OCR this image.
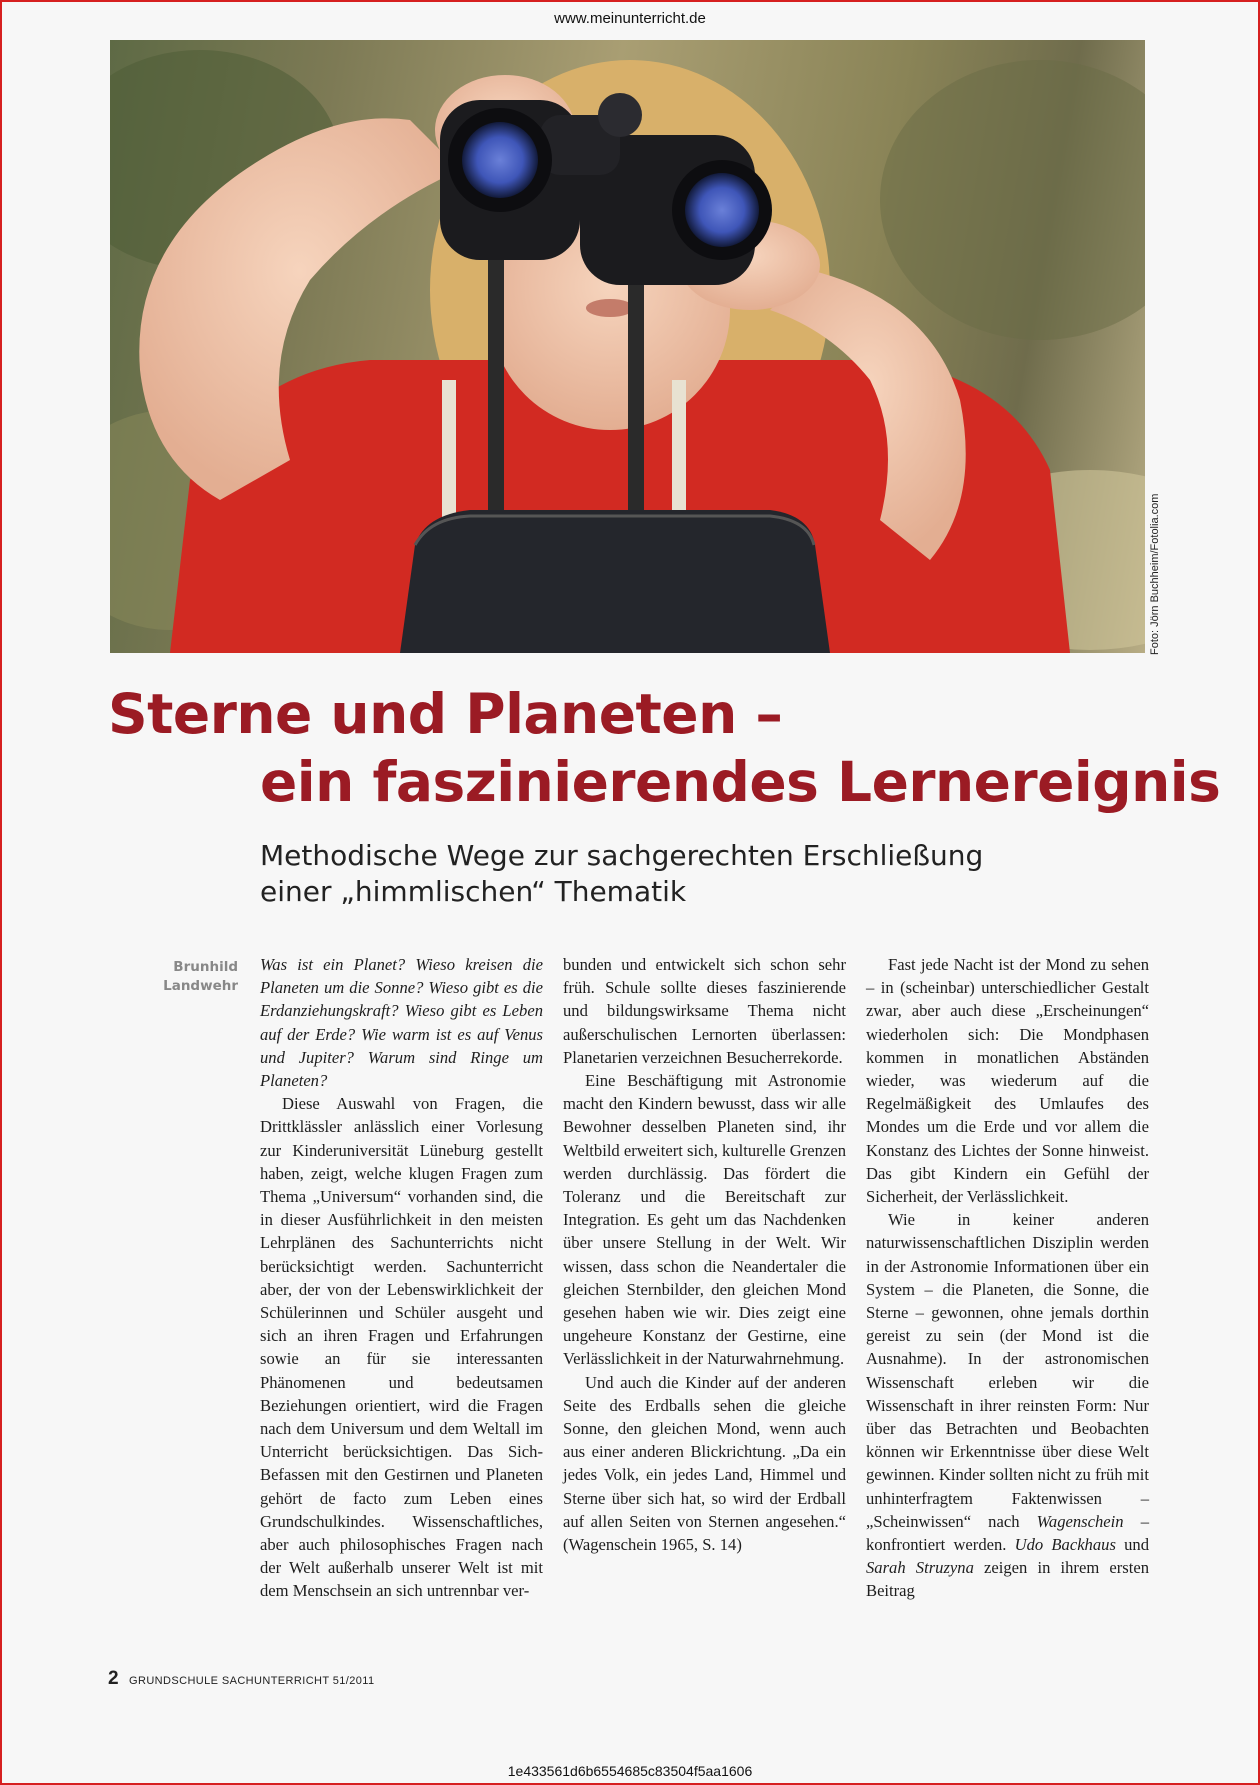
www.meinunterricht.de
Foto: Jörn Buchheim/Fotolia.com
Sterne und Planeten –
ein faszinierendes Lernereignis
Methodische Wege zur sachgerechten Erschließung
einer „himmlischen“ Thematik
Brunhild
Landwehr

Was ist ein Planet? Wieso kreisen die Planeten um die Sonne? Wieso gibt es die Erdanziehungskraft? Wieso gibt es Leben auf der Erde? Wie warm ist es auf Venus und Jupiter? Warum sind Ringe um Planeten?

Diese Auswahl von Fragen, die Drittklässler anlässlich einer Vorlesung zur Kinderuniversität Lüneburg gestellt haben, zeigt, welche klugen Fragen zum Thema „Universum“ vorhanden sind, die in dieser Ausführlichkeit in den meisten Lehrplänen des Sachunterrichts nicht berücksichtigt werden. Sachunterricht aber, der von der Lebenswirklichkeit der Schülerinnen und Schüler ausgeht und sich an ihren Fragen und Erfahrungen sowie an für sie interessanten Phänomenen und bedeutsamen Beziehungen orientiert, wird die Fragen nach dem Universum und dem Weltall im Unterricht berücksichtigen. Das Sich-Befassen mit den Gestirnen und Planeten gehört de facto zum Leben eines Grundschulkindes. Wissenschaftliches, aber auch philosophisches Fragen nach der Welt außerhalb unserer Welt ist mit dem Menschsein an sich untrennbar ver-

bunden und entwickelt sich schon sehr früh. Schule sollte dieses faszinierende und bildungswirksame Thema nicht außerschulischen Lernorten überlassen: Planetarien verzeichnen Besucherrekorde.

Eine Beschäftigung mit Astronomie macht den Kindern bewusst, dass wir alle Bewohner desselben Planeten sind, ihr Weltbild erweitert sich, kulturelle Grenzen werden durchlässig. Das fördert die Toleranz und die Bereitschaft zur Integration. Es geht um das Nachdenken über unsere Stellung in der Welt. Wir wissen, dass schon die Neandertaler die gleichen Sternbilder, den gleichen Mond gesehen haben wie wir. Dies zeigt eine ungeheure Konstanz der Gestirne, eine Verlässlichkeit in der Naturwahrnehmung.

Und auch die Kinder auf der anderen Seite des Erdballs sehen die gleiche Sonne, den gleichen Mond, wenn auch aus einer anderen Blickrichtung. „Da ein jedes Volk, ein jedes Land, Himmel und Sterne über sich hat, so wird der Erdball auf allen Seiten von Sternen angesehen.“ (Wagenschein 1965, S. 14)

Fast jede Nacht ist der Mond zu sehen – in (scheinbar) unterschiedlicher Gestalt zwar, aber auch diese „Erscheinungen“ wiederholen sich: Die Mondphasen kommen in monatlichen Abständen wieder, was wiederum auf die Regelmäßigkeit des Umlaufes des Mondes um die Erde und vor allem die Konstanz des Lichtes der Sonne hinweist. Das gibt Kindern ein Gefühl der Sicherheit, der Verlässlichkeit.

Wie in keiner anderen naturwissenschaftlichen Disziplin werden in der Astronomie Informationen über ein System – die Planeten, die Sonne, die Sterne – gewonnen, ohne jemals dorthin gereist zu sein (der Mond ist die Ausnahme). In der astronomischen Wissenschaft erleben wir die Wissenschaft in ihrer reinsten Form: Nur über das Betrachten und Beobachten können wir Erkenntnisse über diese Welt gewinnen. Kinder sollten nicht zu früh mit unhinterfragtem Faktenwissen – „Scheinwissen“ nach Wagenschein – konfrontiert werden. Udo Backhaus und Sarah Struzyna zeigen in ihrem ersten Beitrag

2 GRUNDSCHULE SACHUNTERRICHT 51/2011
1e433561d6b6554685c83504f5aa1606
